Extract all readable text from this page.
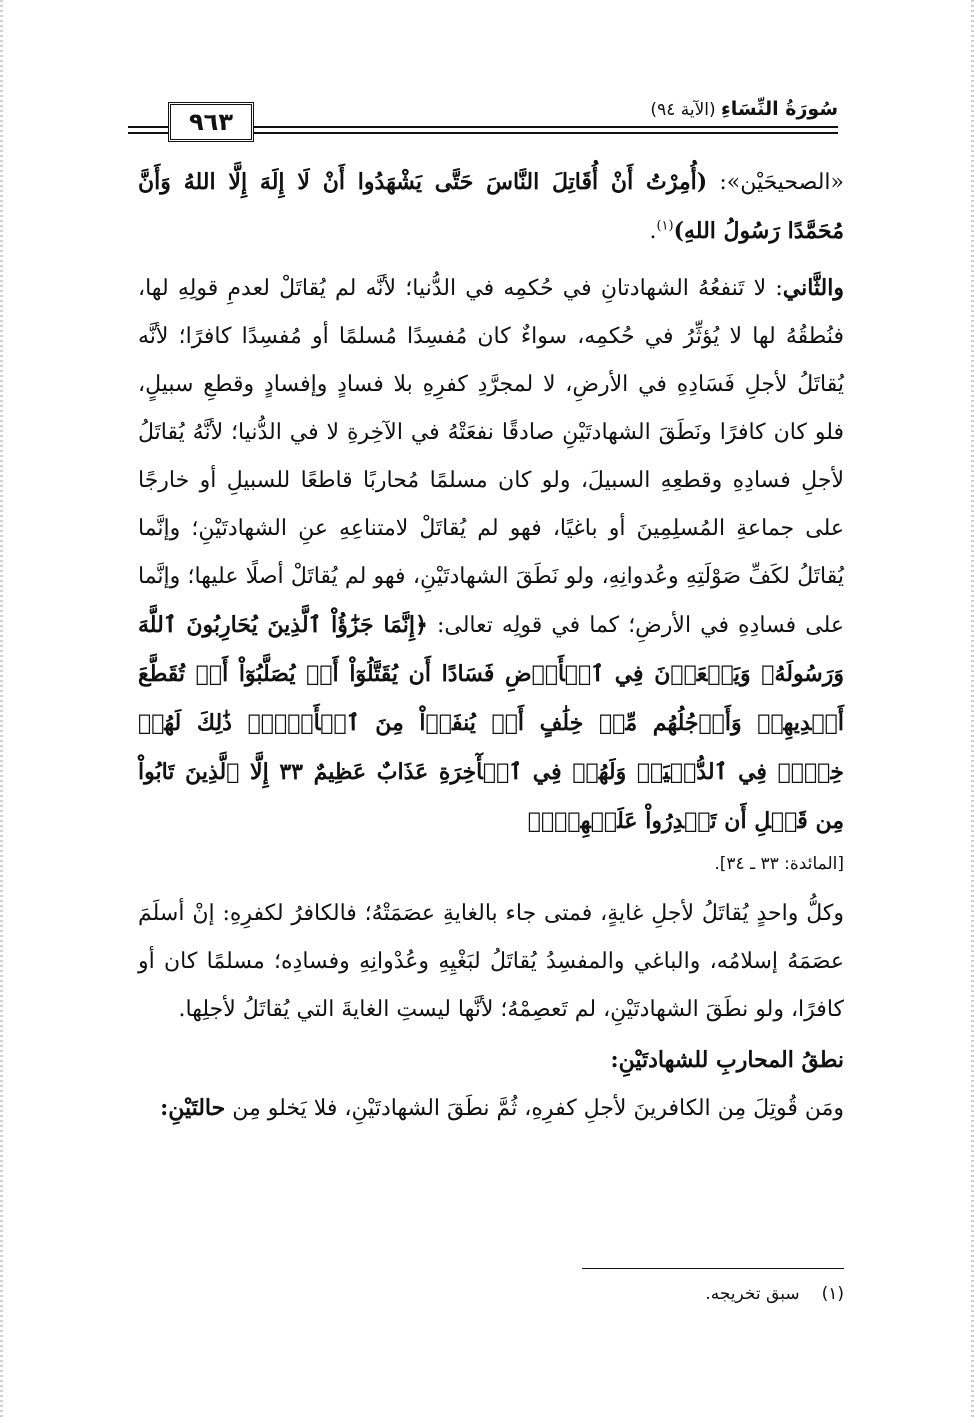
٩٦٣	سُورَةُ النِّسَاءِ (الآية ٩٤)

«الصحيحَيْن»: (أُمِرْتُ أَنْ أُقَاتِلَ النَّاسَ حَتَّى يَشْهَدُوا أَنْ لَا إِلَهَ إِلَّا اللهُ وَأَنَّ مُحَمَّدًا رَسُولُ اللهِ)$^{(١)}$.

والثَّاني: لا تَنفعُهُ الشهادتانِ في حُكمِه في الدُّنيا؛ لأنَّه لم يُقاتَلْ لعدمِ قولِهِ لها، فنُطقُهُ لها لا يُؤثِّرُ في حُكمِه، سواءٌ كان مُفسِدًا مُسلمًا أو مُفسِدًا كافرًا؛ لأنَّه يُقاتَلُ لأجلِ فَسَادِهِ في الأرضِ، لا لمجرَّدِ كفرِهِ بلا فسادٍ وإفسادٍ وقطعِ سبيلٍ، فلو كان كافرًا ونَطَقَ الشهادتَيْنِ صادقًا نفعَتْهُ في الآخِرةِ لا في الدُّنيا؛ لأنَّهُ يُقاتَلُ لأجلِ فسادِهِ وقطعِهِ السبيلَ، ولو كان مسلمًا مُحاربًا قاطعًا للسبيلِ أو خارجًا على جماعةِ المُسلِمِينَ أو باغيًا، فهو لم يُقاتَلْ لامتناعِهِ عنِ الشهادتَيْنِ؛ وإنَّما يُقاتَلُ لكَفِّ صَوْلَتِهِ وعُدوانِهِ، ولو نَطَقَ الشهادتَيْنِ، فهو لم يُقاتَلْ أصلًا عليها؛ وإنَّما على فسادِهِ في الأرضِ؛ كما في قولِه تعالى: ﴿إِنَّمَا جَزَٰٓؤُاْ ٱلَّذِينَ يُحَارِبُونَ ٱللَّهَ وَرَسُولَهُۥ وَيَسۡعَوۡنَ فِي ٱلۡأَرۡضِ فَسَادًا أَن يُقَتَّلُوٓاْ أَوۡ يُصَلَّبُوٓاْ أَوۡ تُقَطَّعَ أَيۡدِيهِمۡ وَأَرۡجُلُهُم مِّنۡ خِلَٰفٍ أَوۡ يُنفَوۡاْ مِنَ ٱلۡأَرۡضِۚ ذَٰلِكَ لَهُمۡ خِزۡيٞ فِي ٱلدُّنۡيَاۖ وَلَهُمۡ فِي ٱلۡأٓخِرَةِ عَذَابٌ عَظِيمٌ ٣٣ إِلَّا ٱلَّذِينَ تَابُواْ مِن قَبۡلِ أَن تَقۡدِرُواْ عَلَيۡهِمۡۖ﴾
[المائدة: ٣٣ ـ ٣٤].

وكلُّ واحدٍ يُقاتَلُ لأجلِ غايةٍ، فمتى جاء بالغايةِ عصَمَتْهُ؛ فالكافرُ لكفرِهِ: إنْ أسلَمَ عصَمَهُ إسلامُه، والباغي والمفسِدُ يُقاتَلُ لبَغْيِهِ وعُدْوانِهِ وفسادِه؛ مسلمًا كان أو كافرًا، ولو نطَقَ الشهادتَيْنِ، لم تَعصِمْهُ؛ لأنَّها ليستِ الغايةَ التي يُقاتَلُ لأجلِها.

نطقُ المحاربِ للشهادتَيْنِ:

ومَن قُوتِلَ مِن الكافرينَ لأجلِ كفرِهِ، ثُمَّ نطَقَ الشهادتَيْنِ، فلا يَخلو مِن حالتَيْنِ:

(١)سبق تخريجه.
